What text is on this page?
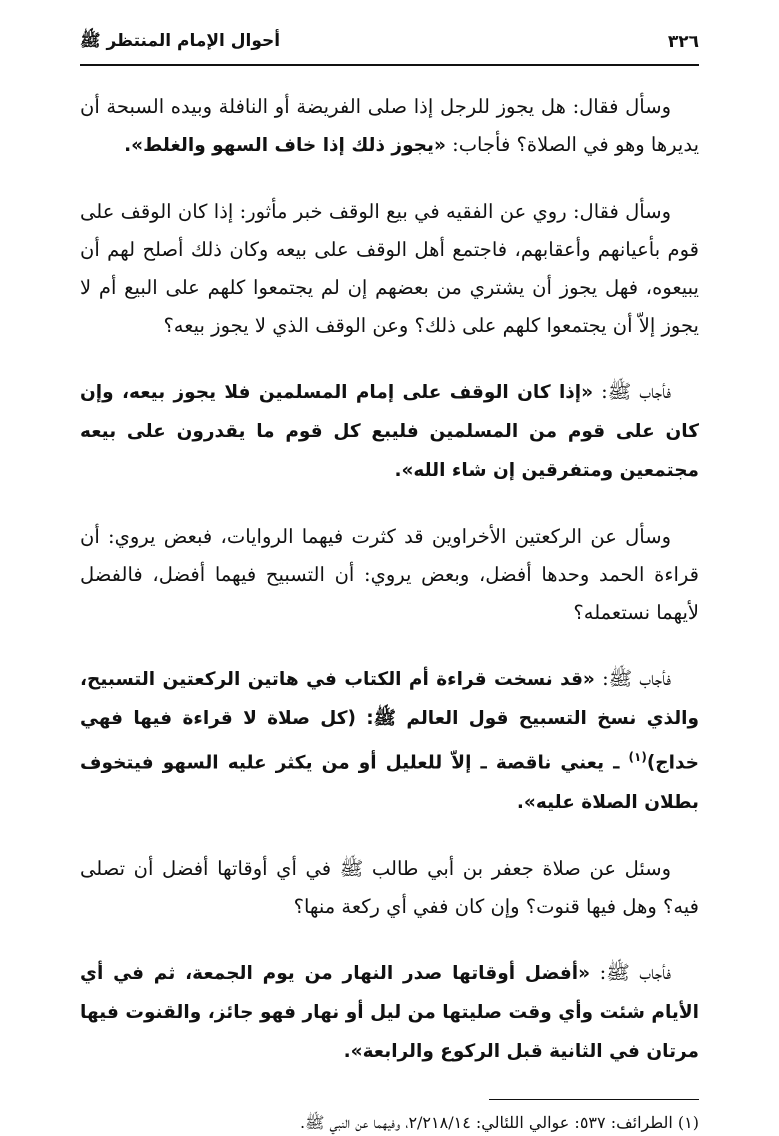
٣٢٦
أحوال الإمام المنتظر ﷺ

وسأل فقال: هل يجوز للرجل إذا صلى الفريضة أو النافلة وبيده السبحة أن يديرها وهو في الصلاة؟ فأجاب: «يجوز ذلك إذا خاف السهو والغلط».

وسأل فقال: روي عن الفقيه في بيع الوقف خبر مأثور: إذا كان الوقف على قوم بأعيانهم وأعقابهم، فاجتمع أهل الوقف على بيعه وكان ذلك أصلح لهم أن يبيعوه، فهل يجوز أن يشتري من بعضهم إن لم يجتمعوا كلهم على البيع أم لا يجوز إلاّ أن يجتمعوا كلهم على ذلك؟ وعن الوقف الذي لا يجوز بيعه؟

فأجاب ﷺ: «إذا كان الوقف على إمام المسلمين فلا يجوز بيعه، وإن كان على قوم من المسلمين فليبع كل قوم ما يقدرون على بيعه مجتمعين ومتفرقين إن شاء الله».

وسأل عن الركعتين الأخراوين قد كثرت فيهما الروايات، فبعض يروي: أن قراءة الحمد وحدها أفضل، وبعض يروي: أن التسبيح فيهما أفضل، فالفضل لأيهما نستعمله؟

فأجاب ﷺ: «قد نسخت قراءة أم الكتاب في هاتين الركعتين التسبيح، والذي نسخ التسبيح قول العالم ﷺ: (كل صلاة لا قراءة فيها فهي خداج)$^{(١)}$ ـ يعني ناقصة ـ إلاّ للعليل أو من يكثر عليه السهو فيتخوف بطلان الصلاة عليه».

وسئل عن صلاة جعفر بن أبي طالب ﷺ في أي أوقاتها أفضل أن تصلى فيه؟ وهل فيها قنوت؟ وإن كان ففي أي ركعة منها؟

فأجاب ﷺ: «أفضل أوقاتها صدر النهار من يوم الجمعة، ثم في أي الأيام شئت وأي وقت صليتها من ليل أو نهار فهو جائز، والقنوت فيها مرتان في الثانية قبل الركوع والرابعة».

(١) الطرائف: ٥٣٧: عوالي اللئالي: ٢/٢١٨/١٤، وفيهما عن النبي ﷺ.
